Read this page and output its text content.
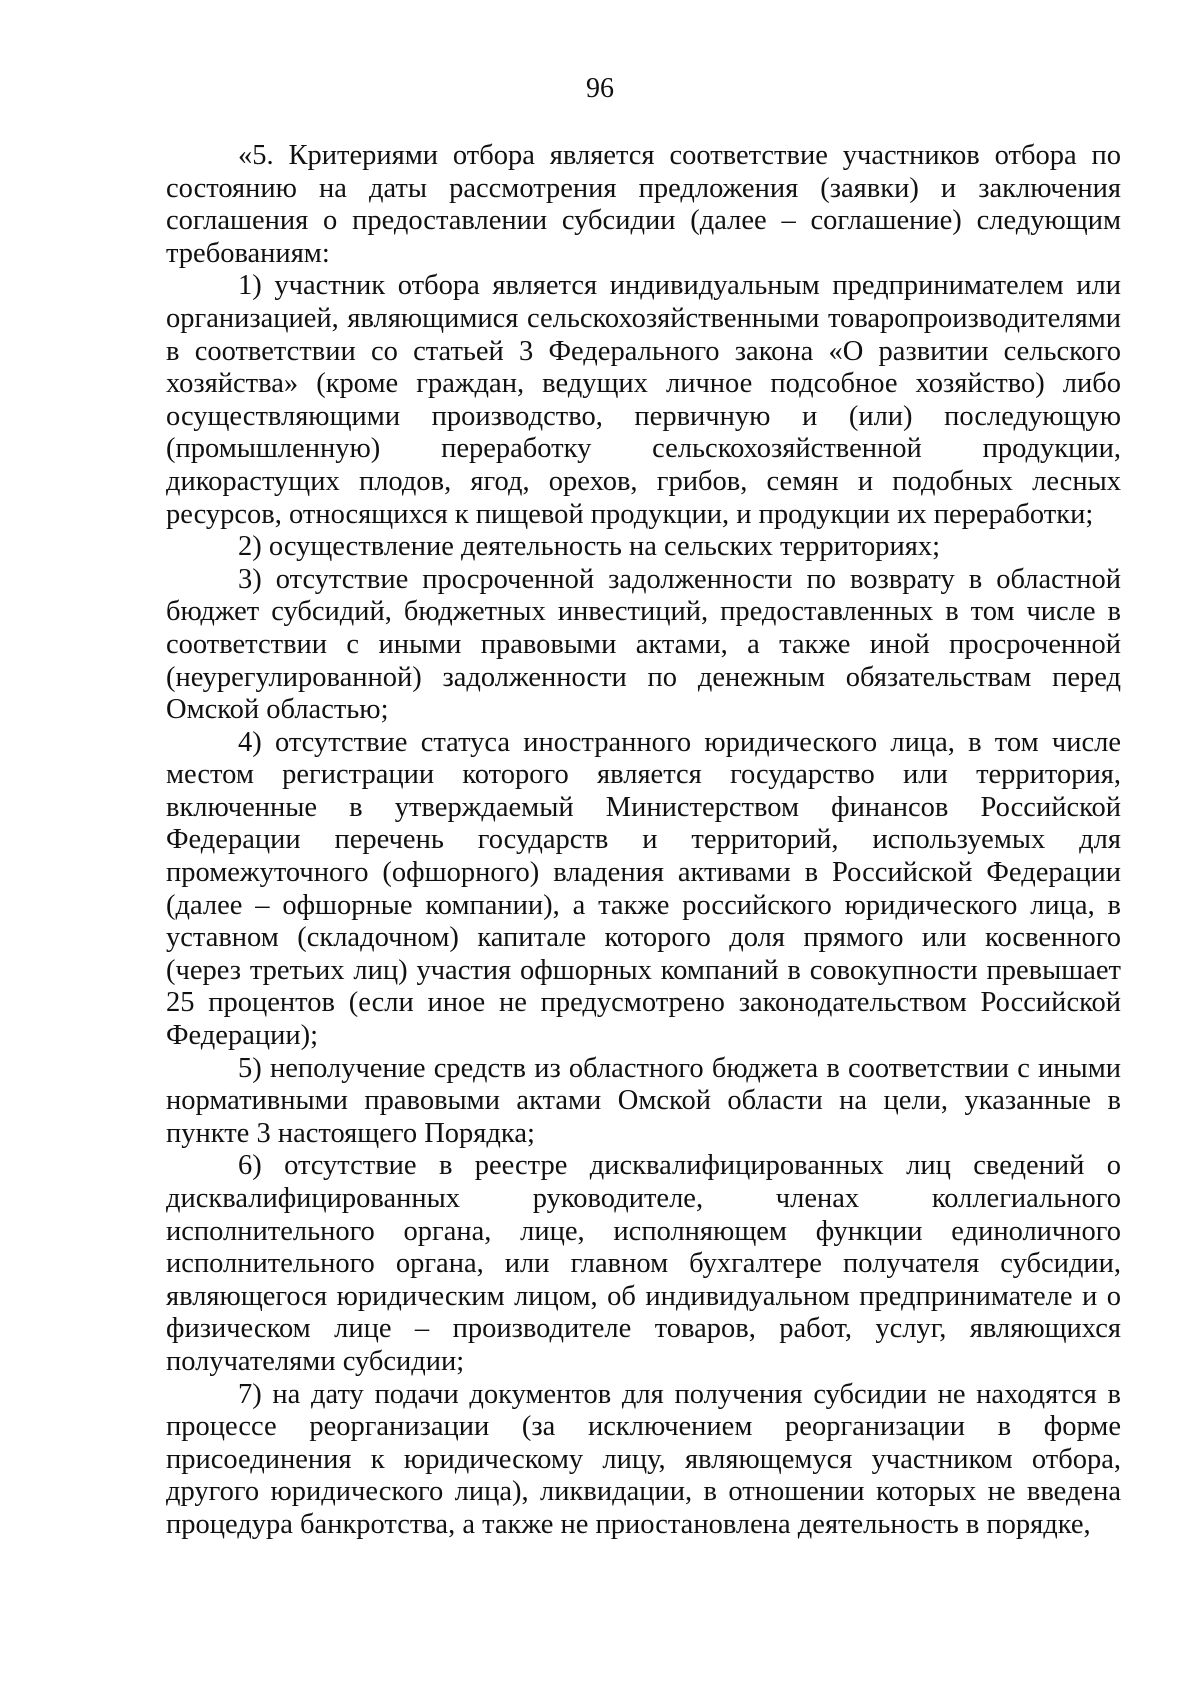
96

«5. Критериями отбора является соответствие участников отбора по состоянию на даты рассмотрения предложения (заявки) и заключения соглашения о предоставлении субсидии (далее – соглашение) следующим требованиям:

1) участник отбора является индивидуальным предпринимателем или организацией, являющимися сельскохозяйственными товаропроизводителями в соответствии со статьей 3 Федерального закона «О развитии сельского хозяйства» (кроме граждан, ведущих личное подсобное хозяйство) либо осуществляющими производство, первичную и (или) последующую (промышленную) переработку сельскохозяйственной продукции, дикорастущих плодов, ягод, орехов, грибов, семян и подобных лесных ресурсов, относящихся к пищевой продукции, и продукции их переработки;

2) осуществление деятельность на сельских территориях;

3) отсутствие просроченной задолженности по возврату в областной бюджет субсидий, бюджетных инвестиций, предоставленных в том числе в соответствии с иными правовыми актами, а также иной просроченной (неурегулированной) задолженности по денежным обязательствам перед Омской областью;

4) отсутствие статуса иностранного юридического лица, в том числе местом регистрации которого является государство или территория, включенные в утверждаемый Министерством финансов Российской Федерации перечень государств и территорий, используемых для промежуточного (офшорного) владения активами в Российской Федерации (далее – офшорные компании), а также российского юридического лица, в уставном (складочном) капитале которого доля прямого или косвенного (через третьих лиц) участия офшорных компаний в совокупности превышает 25 процентов (если иное не предусмотрено законодательством Российской Федерации);

5) неполучение средств из областного бюджета в соответствии с иными нормативными правовыми актами Омской области на цели, указанные в пункте 3 настоящего Порядка;

6) отсутствие в реестре дисквалифицированных лиц сведений о дисквалифицированных руководителе, членах коллегиального исполнительного органа, лице, исполняющем функции единоличного исполнительного органа, или главном бухгалтере получателя субсидии, являющегося юридическим лицом, об индивидуальном предпринимателе и о физическом лице – производителе товаров, работ, услуг, являющихся получателями субсидии;

7) на дату подачи документов для получения субсидии не находятся в процессе реорганизации (за исключением реорганизации в форме присоединения к юридическому лицу, являющемуся участником отбора, другого юридического лица), ликвидации, в отношении которых не введена процедура банкротства, а также не приостановлена деятельность в порядке,
